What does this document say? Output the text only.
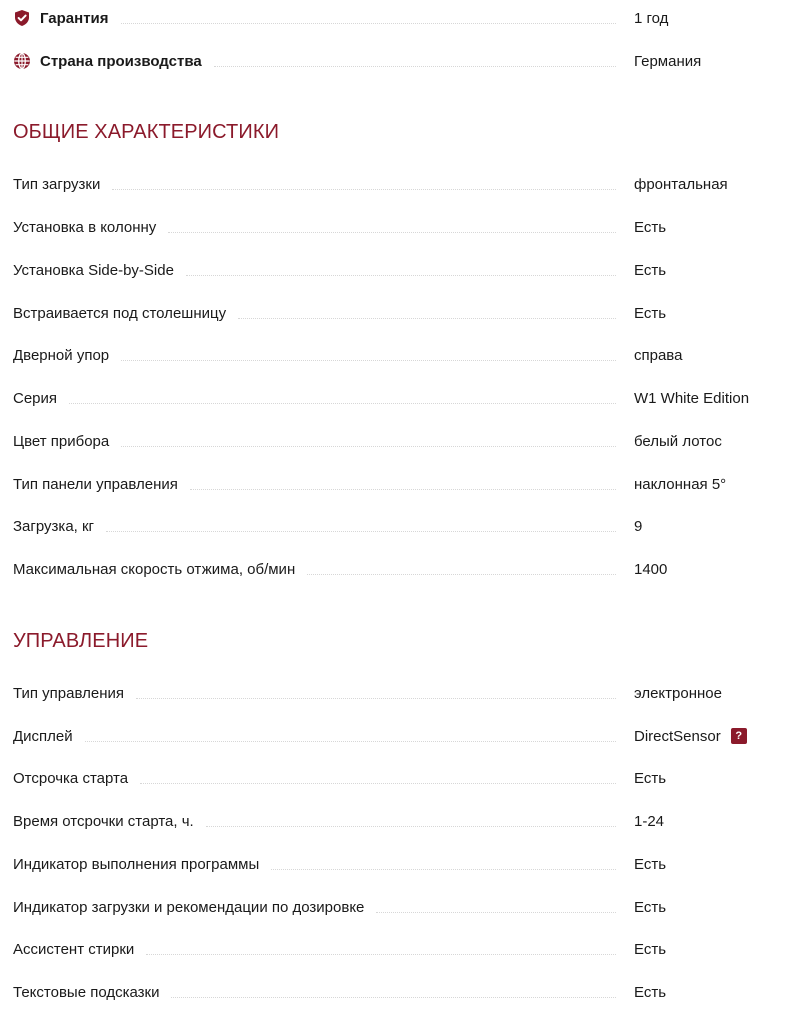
Гарантия	1 год
Страна производства	Германия
ОБЩИЕ ХАРАКТЕРИСТИКИ
Тип загрузки	фронтальная
Установка в колонну	Есть
Установка Side-by-Side	Есть
Встраивается под столешницу	Есть
Дверной упор	справа
Серия	W1 White Edition
Цвет прибора	белый лотос
Тип панели управления	наклонная 5°
Загрузка, кг	9
Максимальная скорость отжима, об/мин	1400
УПРАВЛЕНИЕ
Тип управления	электронное
Дисплей	DirectSensor	?
Отсрочка старта	Есть
Время отсрочки старта, ч.	1-24
Индикатор выполнения программы	Есть
Индикатор загрузки и рекомендации по дозировке	Есть
Ассистент стирки	Есть
Текстовые подсказки	Есть
